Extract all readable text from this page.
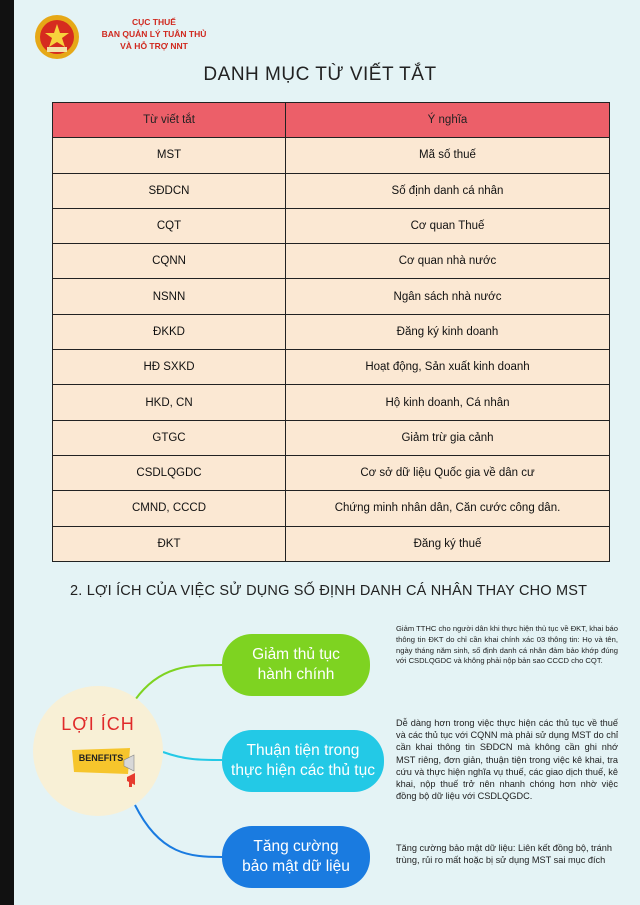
CỤC THUẾ
BAN QUẢN LÝ TUÂN THỦ
VÀ HỖ TRỢ NNT
DANH MỤC TỪ VIẾT TẮT
Từ viết tắt	Ý nghĩa
MST	Mã số thuế
SĐDCN	Số định danh cá nhân
CQT	Cơ quan Thuế
CQNN	Cơ quan nhà nước
NSNN	Ngân sách nhà nước
ĐKKD	Đăng ký kinh doanh
HĐ SXKD	Hoạt động, Sản xuất kinh doanh
HKD, CN	Hộ kinh doanh, Cá nhân
GTGC	Giảm trừ gia cảnh
CSDLQGDC	Cơ sở dữ liệu Quốc gia về dân cư
CMND, CCCD	Chứng minh nhân dân, Căn cước công dân.
ĐKT	Đăng ký thuế
2. LỢI ÍCH CỦA VIỆC SỬ DỤNG SỐ ĐỊNH DANH CÁ NHÂN THAY CHO MST
LỢI ÍCH
BENEFITS
Giảm thủ tục
hành chính
Thuận tiện trong
thực hiện các thủ tục
Tăng cường
bảo mật dữ liệu
Giảm TTHC cho người dân khi thực hiện thủ tục về ĐKT, khai báo thông tin ĐKT do chỉ cần khai chính xác 03 thông tin: Họ và tên, ngày tháng năm sinh, số định danh cá nhân đảm bảo khớp đúng với CSDLQGDC và không phải nộp bản sao CCCD cho CQT.
Dễ dàng hơn trong việc thực hiện các thủ tục về thuế và các thủ tục với CQNN mà phải sử dụng MST do chỉ cần khai thông tin SĐDCN mà không cần ghi nhớ MST riêng, đơn giản, thuận tiện trong việc kê khai, tra cứu và thực hiện nghĩa vụ thuế, các giao dịch thuế, kê khai, nộp thuế trở nên nhanh chóng hơn nhờ việc đồng bộ dữ liệu với CSDLQGDC.
Tăng cường bảo mật dữ liệu: Liên kết đồng bộ, tránh trùng, rủi ro mất hoặc bị sử dụng MST sai mục đích
